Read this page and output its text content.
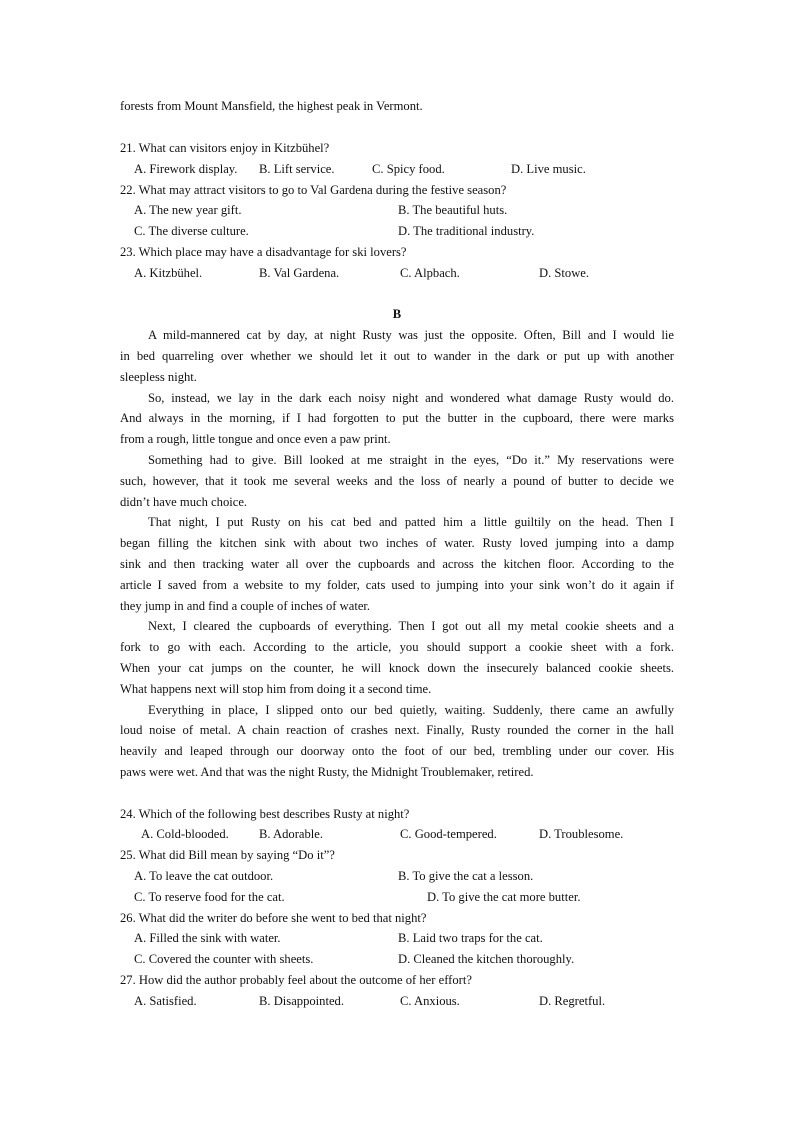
forests from Mount Mansfield, the highest peak in Vermont.
21. What can visitors enjoy in Kitzbühel?
A. Firework display. B. Lift service.	C. Spicy food.	D. Live music.
22. What may attract visitors to go to Val Gardena during the festive season?
A. The new year gift.	B. The beautiful huts.
C. The diverse culture.	D. The traditional industry.
23. Which place may have a disadvantage for ski lovers?
A. Kitzbühel.	B. Val Gardena.	C. Alpbach.	D. Stowe.
B
A mild-mannered cat by day, at night Rusty was just the opposite. Often, Bill and I would lie
in bed quarreling over whether we should let it out to wander in the dark or put up with another
sleepless night.
So, instead, we lay in the dark each noisy night and wondered what damage Rusty would do.
And always in the morning, if I had forgotten to put the butter in the cupboard, there were marks
from a rough, little tongue and once even a paw print.
Something had to give. Bill looked at me straight in the eyes, “Do it.” My reservations were
such, however, that it took me several weeks and the loss of nearly a pound of butter to decide we
didn’t have much choice.
That night, I put Rusty on his cat bed and patted him a little guiltily on the head. Then I
began filling the kitchen sink with about two inches of water. Rusty loved jumping into a damp
sink and then tracking water all over the cupboards and across the kitchen floor. According to the
article I saved from a website to my folder, cats used to jumping into your sink won’t do it again if
they jump in and find a couple of inches of water.
Next, I cleared the cupboards of everything. Then I got out all my metal cookie sheets and a
fork to go with each. According to the article, you should support a cookie sheet with a fork.
When your cat jumps on the counter, he will knock down the insecurely balanced cookie sheets.
What happens next will stop him from doing it a second time.
Everything in place, I slipped onto our bed quietly, waiting. Suddenly, there came an awfully
loud noise of metal. A chain reaction of crashes next. Finally, Rusty rounded the corner in the hall
heavily and leaped through our doorway onto the foot of our bed, trembling under our cover. His
paws were wet. And that was the night Rusty, the Midnight Troublemaker, retired.
24. Which of the following best describes Rusty at night?
A. Cold-blooded. B. Adorable.	C. Good-tempered.	D. Troublesome.
25. What did Bill mean by saying “Do it”?
A. To leave the cat outdoor.	B. To give the cat a lesson.
C. To reserve food for the cat.	D. To give the cat more butter.
26. What did the writer do before she went to bed that night?
A. Filled the sink with water.	B. Laid two traps for the cat.
C. Covered the counter with sheets.	D. Cleaned the kitchen thoroughly.
27. How did the author probably feel about the outcome of her effort?
A. Satisfied.	B. Disappointed.	C. Anxious.	D. Regretful.
